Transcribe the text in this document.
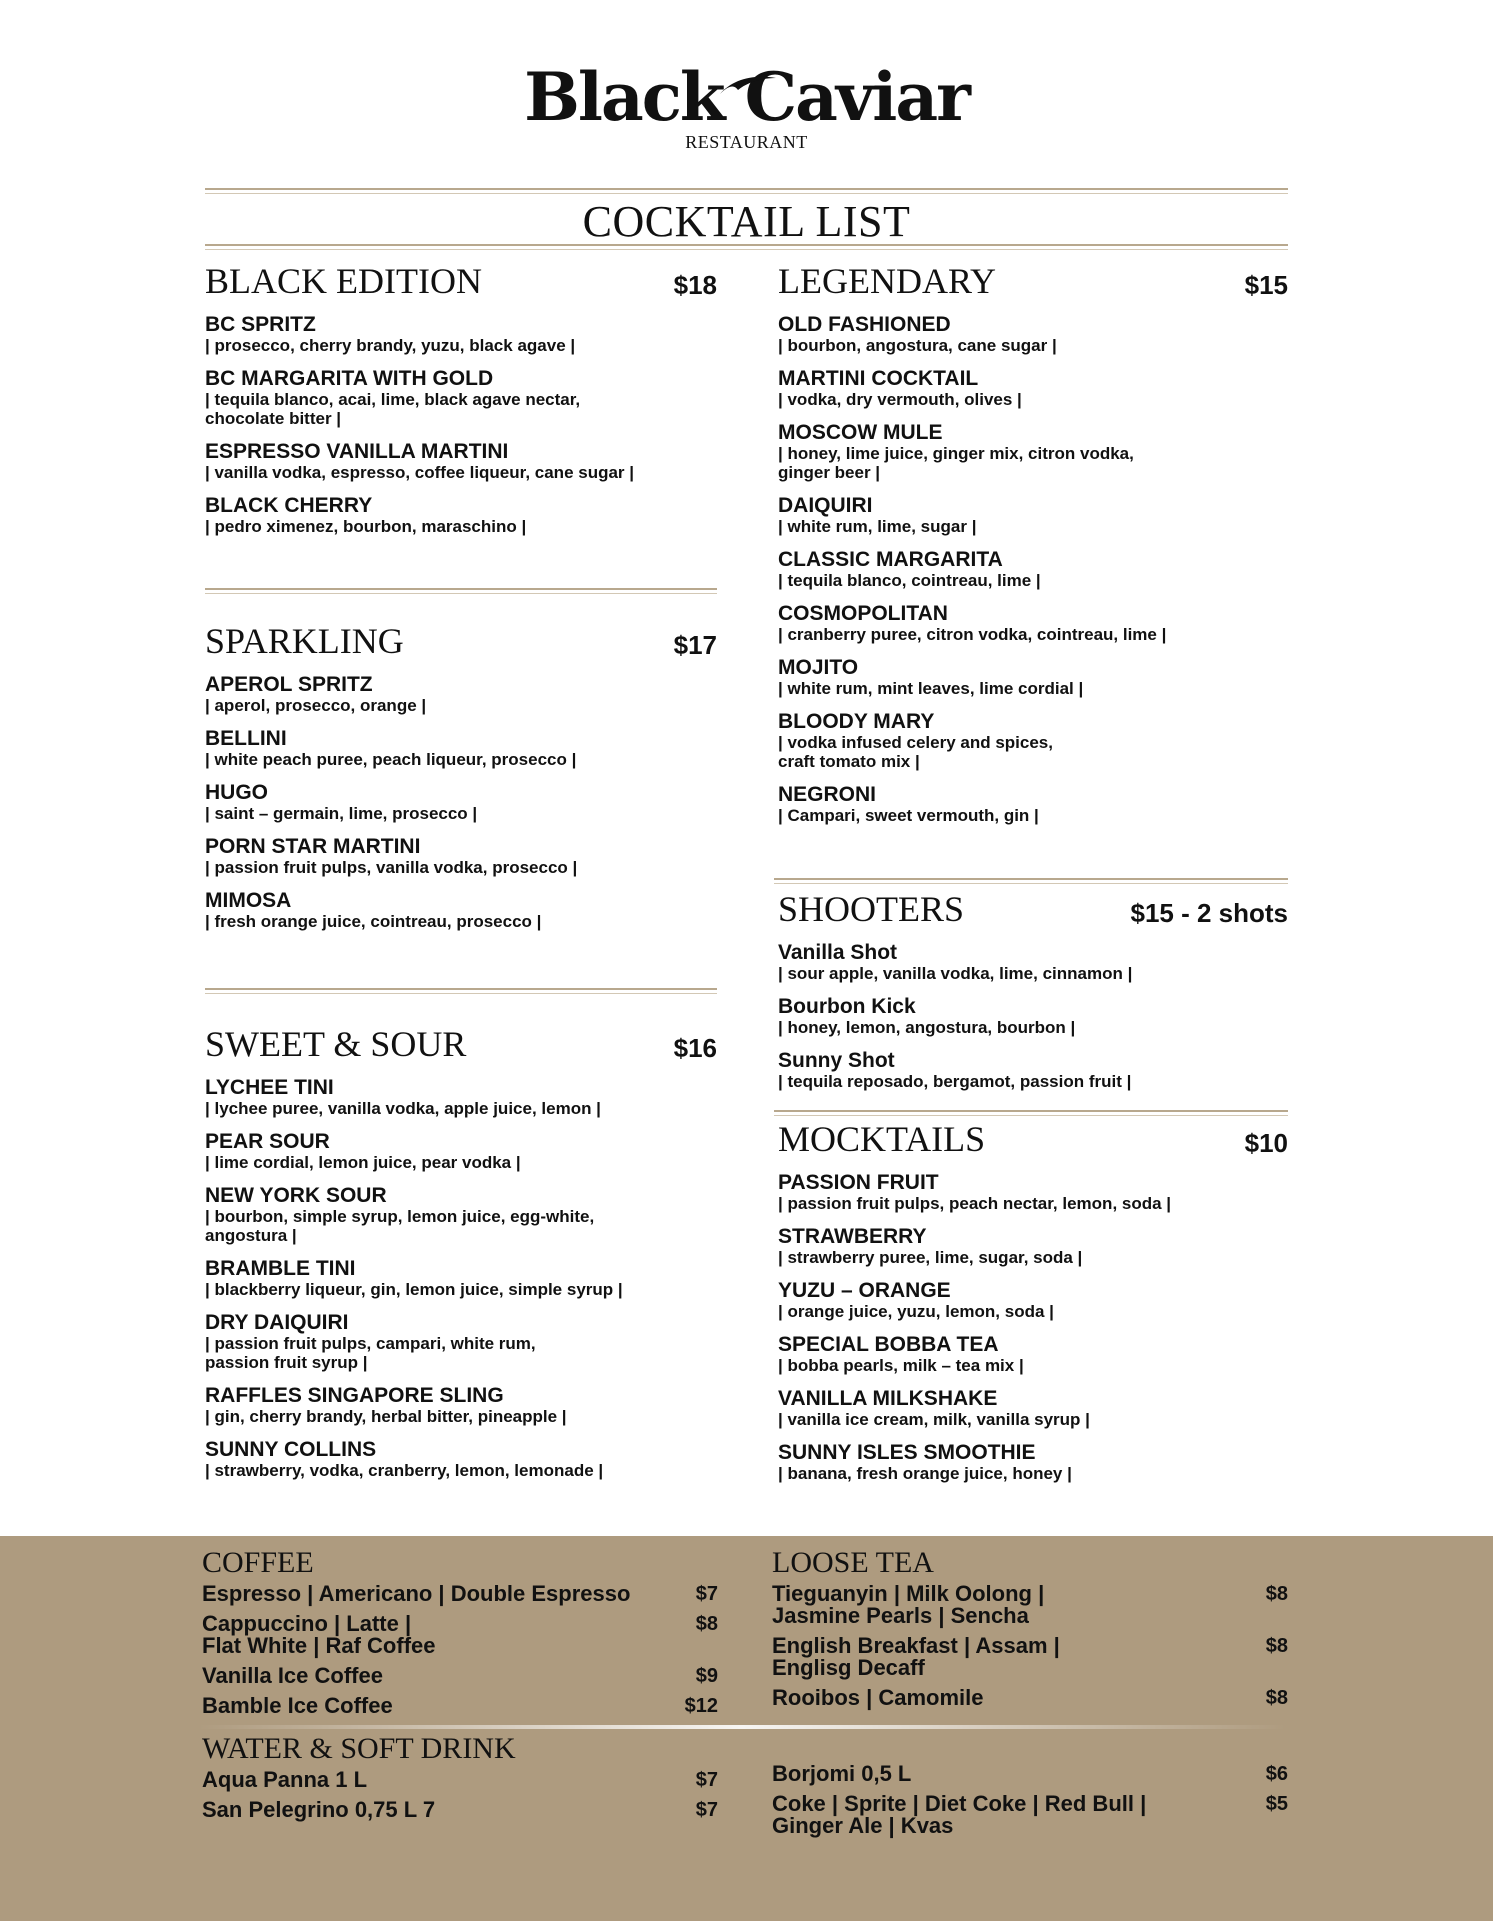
Black Caviar
RESTAURANT
COCKTAIL LIST
BLACK EDITION	$18
BC SPRITZ
| prosecco, cherry brandy, yuzu, black agave |
BC MARGARITA WITH GOLD
| tequila blanco, acai, lime, black agave nectar,
chocolate bitter |
ESPRESSO VANILLA MARTINI
| vanilla vodka, espresso, coffee liqueur, cane sugar |
BLACK CHERRY
| pedro ximenez, bourbon, maraschino |
SPARKLING	$17
APEROL SPRITZ
| aperol, prosecco, orange |
BELLINI
| white peach puree, peach liqueur, prosecco |
HUGO
| saint – germain, lime, prosecco |
PORN STAR MARTINI
| passion fruit pulps, vanilla vodka, prosecco |
MIMOSA
| fresh orange juice, cointreau, prosecco |
SWEET & SOUR	$16
LYCHEE TINI
| lychee puree, vanilla vodka, apple juice, lemon |
PEAR SOUR
| lime cordial, lemon juice, pear vodka |
NEW YORK SOUR
| bourbon, simple syrup, lemon juice, egg-white,
angostura |
BRAMBLE TINI
| blackberry liqueur, gin, lemon juice, simple syrup |
DRY DAIQUIRI
| passion fruit pulps, campari, white rum,
passion fruit syrup |
RAFFLES SINGAPORE SLING
| gin, cherry brandy, herbal bitter, pineapple |
SUNNY COLLINS
| strawberry, vodka, cranberry, lemon, lemonade |
LEGENDARY	$15
OLD FASHIONED
| bourbon, angostura, cane sugar |
MARTINI COCKTAIL
| vodka, dry vermouth, olives |
MOSCOW MULE
| honey, lime juice, ginger mix, citron vodka,
ginger beer |
DAIQUIRI
| white rum, lime, sugar |
CLASSIC MARGARITA
| tequila blanco, cointreau, lime |
COSMOPOLITAN
| cranberry puree, citron vodka, cointreau, lime |
MOJITO
| white rum, mint leaves, lime cordial |
BLOODY MARY
| vodka infused celery and spices,
craft tomato mix |
NEGRONI
| Campari, sweet vermouth, gin |
SHOOTERS	$15 - 2 shots
Vanilla Shot
| sour apple, vanilla vodka, lime, cinnamon |
Bourbon Kick
| honey, lemon, angostura, bourbon |
Sunny Shot
| tequila reposado, bergamot, passion fruit |
MOCKTAILS	$10
PASSION FRUIT
| passion fruit pulps, peach nectar, lemon, soda |
STRAWBERRY
| strawberry puree, lime, sugar, soda |
YUZU – ORANGE
| orange juice, yuzu, lemon, soda |
SPECIAL BOBBA TEA
| bobba pearls, milk – tea mix |
VANILLA MILKSHAKE
| vanilla ice cream, milk, vanilla syrup |
SUNNY ISLES SMOOTHIE
| banana, fresh orange juice, honey |
COFFEE
Espresso | Americano | Double Espresso	$7
Cappuccino | Latte |
Flat White | Raf Coffee
$8
Vanilla Ice Coffee	$9
Bamble Ice Coffee	$12
LOOSE TEA
Tieguanyin | Milk Oolong |
Jasmine Pearls | Sencha
$8
English Breakfast | Assam |
Englisg Decaff
$8
Rooibos | Camomile	$8
WATER & SOFT DRINK
Aqua Panna 1 L	$7
San Pelegrino 0,75 L 7	$7
Borjomi 0,5 L	$6
Coke | Sprite | Diet Coke | Red Bull |
Ginger Ale | Kvas
$5
